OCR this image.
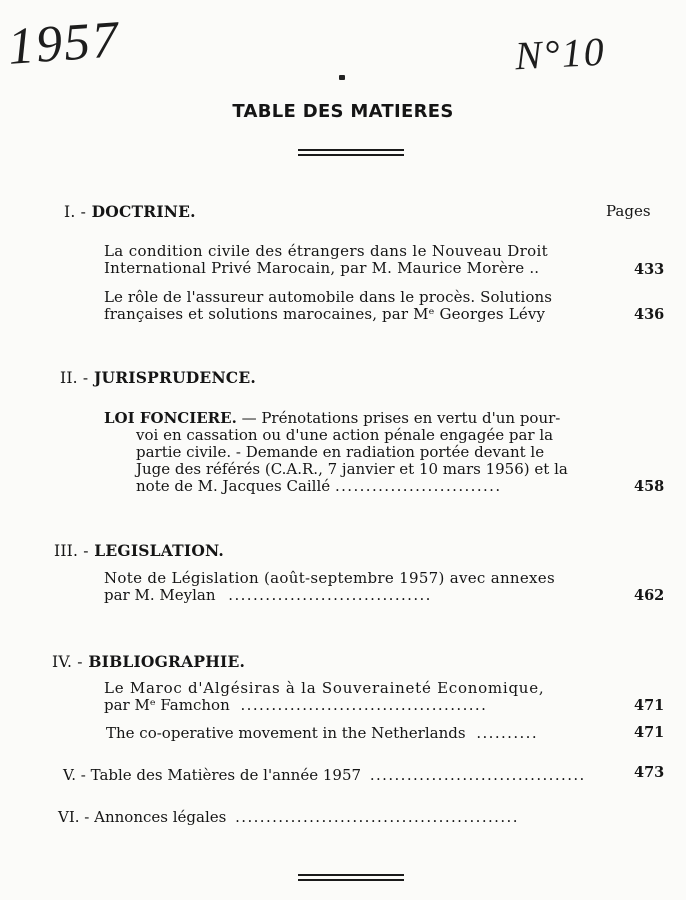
1957	N°10
TABLE DES MATIERES
I. - DOCTRINE.	Pages
La condition civile des étrangers dans le Nouveau Droit
International Privé Marocain, par M. Maurice Morère ..	433
Le rôle de l'assureur automobile dans le procès. Solutions
françaises et solutions marocaines, par Mᵉ Georges Lévy	436
II. - JURISPRUDENCE.
LOI FONCIERE. — Prénotations prises en vertu d'un pour-
voi en cassation ou d'une action pénale engagée par la
partie civile. - Demande en radiation portée devant le
Juge des référés (C.A.R., 7 janvier et 10 mars 1956) et la
note de M. Jacques Caillé ...........................	458
III. - LEGISLATION.
Note de Législation (août-septembre 1957) avec annexes
par M. Meylan .................................	462
IV. - BIBLIOGRAPHIE.
Le Maroc d'Algésiras à la Souveraineté Economique,
par Mᵉ Famchon ........................................	471
The co-operative movement in the Netherlands ..........	471
V. - Table des Matières de l'année 1957 ...................................	473
VI. - Annonces légales ..............................................
